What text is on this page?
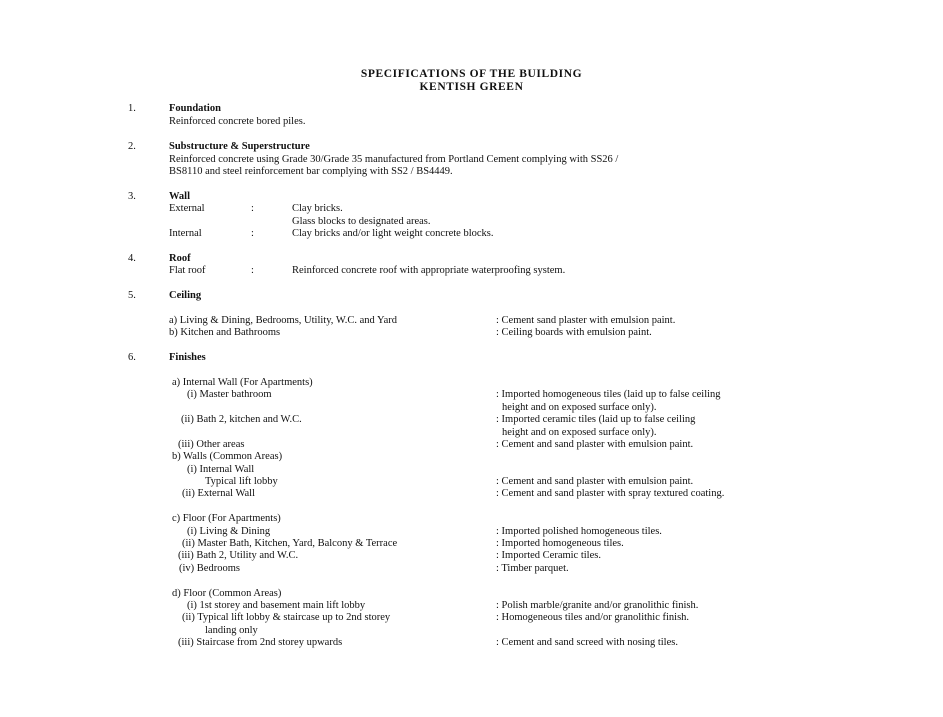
SPECIFICATIONS OF THE BUILDING
KENTISH GREEN
1.	Foundation
Reinforced concrete bored piles.
2.	Substructure & Superstructure
Reinforced concrete using Grade 30/Grade 35 manufactured from Portland Cement complying with SS26 /
BS8110 and steel reinforcement bar complying with SS2 / BS4449.
3.	Wall
External	:	Clay bricks.
Glass blocks to designated areas.
Internal	:	Clay bricks and/or light weight concrete blocks.
4.	Roof
Flat roof	:	Reinforced concrete roof with appropriate waterproofing system.
5.	Ceiling
a) Living & Dining, Bedrooms, Utility, W.C. and Yard	: Cement sand plaster with emulsion paint.
b) Kitchen and Bathrooms	: Ceiling boards with emulsion paint.
6.	Finishes
a) Internal Wall (For Apartments)
(i) Master bathroom	: Imported homogeneous tiles (laid up to false ceiling
height and on exposed surface only).
(ii) Bath 2, kitchen and W.C.	: Imported ceramic tiles (laid up to false ceiling
height and on exposed surface only).
(iii) Other areas	: Cement and sand plaster with emulsion paint.
b) Walls (Common Areas)
(i) Internal Wall
Typical lift lobby	: Cement and sand plaster with emulsion paint.
(ii) External Wall	: Cement and sand plaster with spray textured coating.
c) Floor (For Apartments)
(i) Living & Dining	: Imported polished homogeneous tiles.
(ii) Master Bath, Kitchen, Yard, Balcony & Terrace	: Imported homogeneous tiles.
(iii) Bath 2, Utility and W.C.	: Imported Ceramic tiles.
(iv) Bedrooms	: Timber parquet.
d) Floor (Common Areas)
(i) 1st storey and basement main lift lobby	: Polish marble/granite and/or granolithic finish.
(ii) Typical lift lobby & staircase up to 2nd storey	: Homogeneous tiles and/or granolithic finish.
landing only
(iii) Staircase from 2nd storey upwards	: Cement and sand screed with nosing tiles.
